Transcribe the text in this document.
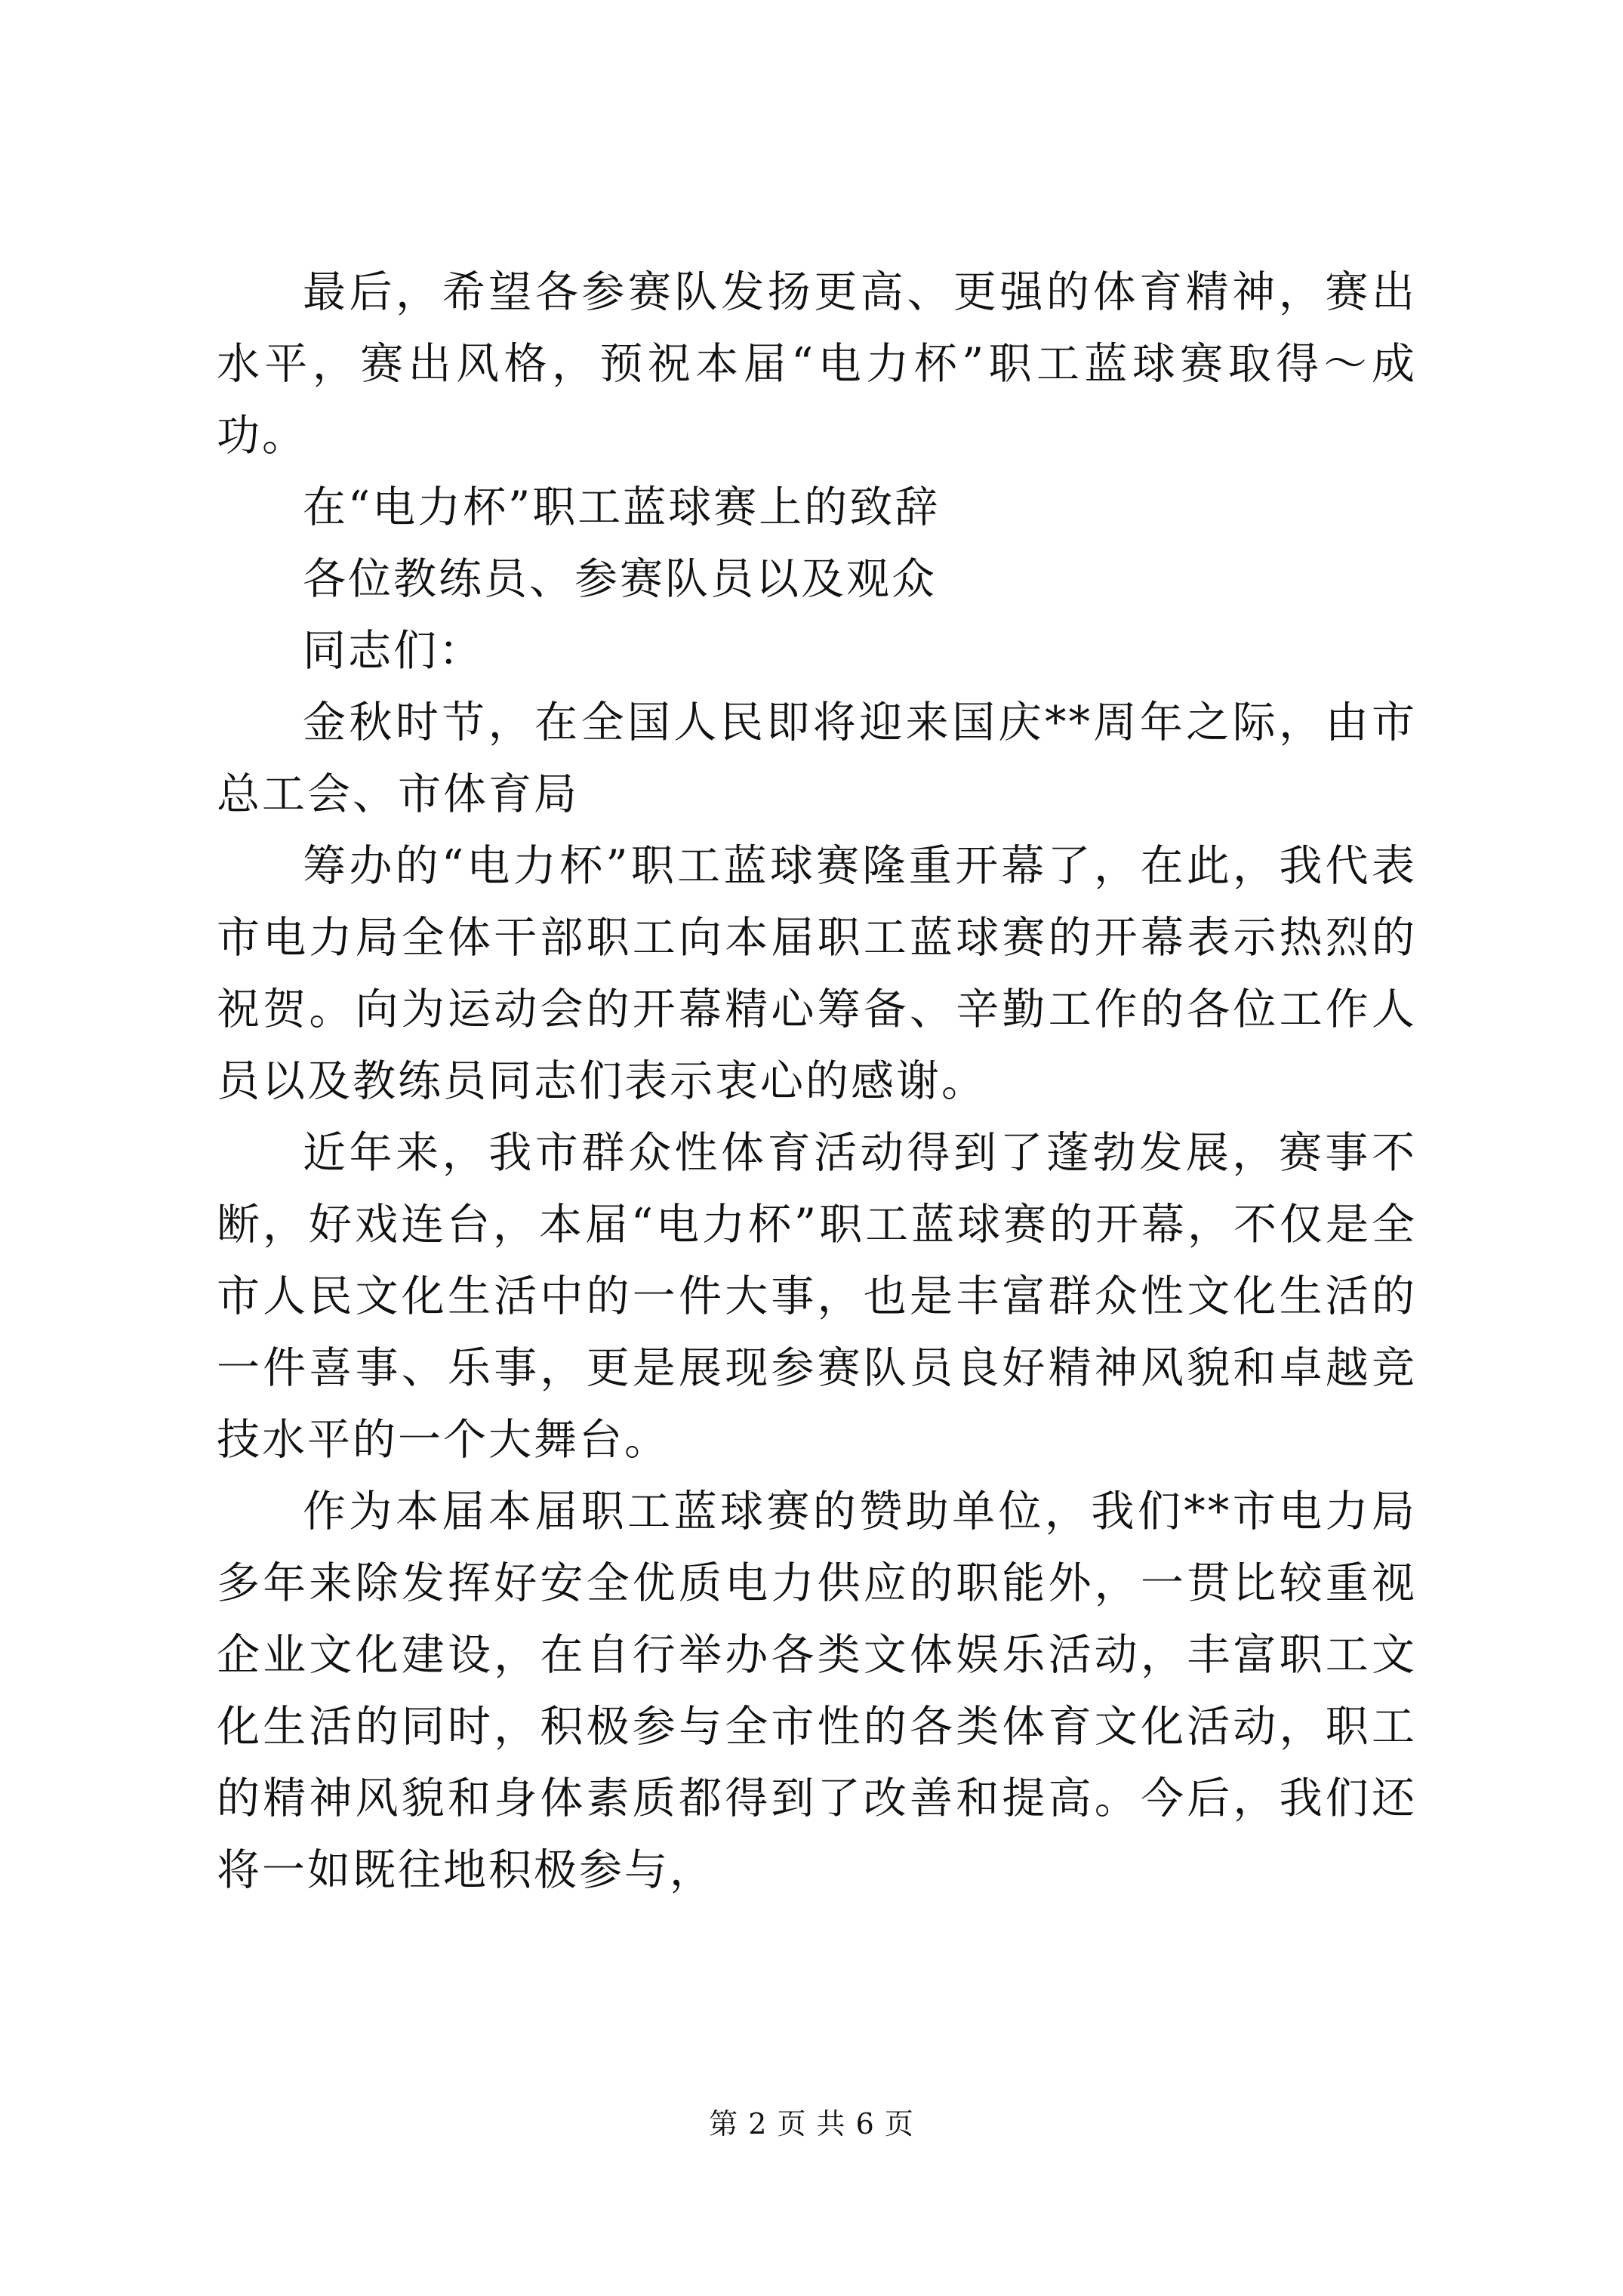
最后，希望各参赛队发扬更高、更强的体育精神，赛出水平，赛出风格，预祝本届“电力杯”职工蓝球赛取得～成功。

在“电力杯”职工蓝球赛上的致辞

各位教练员、参赛队员以及观众

同志们：

金秋时节，在全国人民即将迎来国庆**周年之际，由市总工会、市体育局

筹办的“电力杯”职工蓝球赛隆重开幕了，在此，我代表市电力局全体干部职工向本届职工蓝球赛的开幕表示热烈的祝贺。向为运动会的开幕精心筹备、辛勤工作的各位工作人员以及教练员同志们表示衷心的感谢。

近年来，我市群众性体育活动得到了蓬勃发展，赛事不断，好戏连台，本届“电力杯”职工蓝球赛的开幕，不仅是全市人民文化生活中的一件大事，也是丰富群众性文化生活的一件喜事、乐事，更是展现参赛队员良好精神风貌和卓越竞技水平的一个大舞台。

作为本届本届职工蓝球赛的赞助单位，我们**市电力局多年来除发挥好安全优质电力供应的职能外，一贯比较重视企业文化建设，在自行举办各类文体娱乐活动，丰富职工文化生活的同时，积极参与全市性的各类体育文化活动，职工的精神风貌和身体素质都得到了改善和提高。今后，我们还将一如既往地积极参与，

第 2 页 共 6 页
